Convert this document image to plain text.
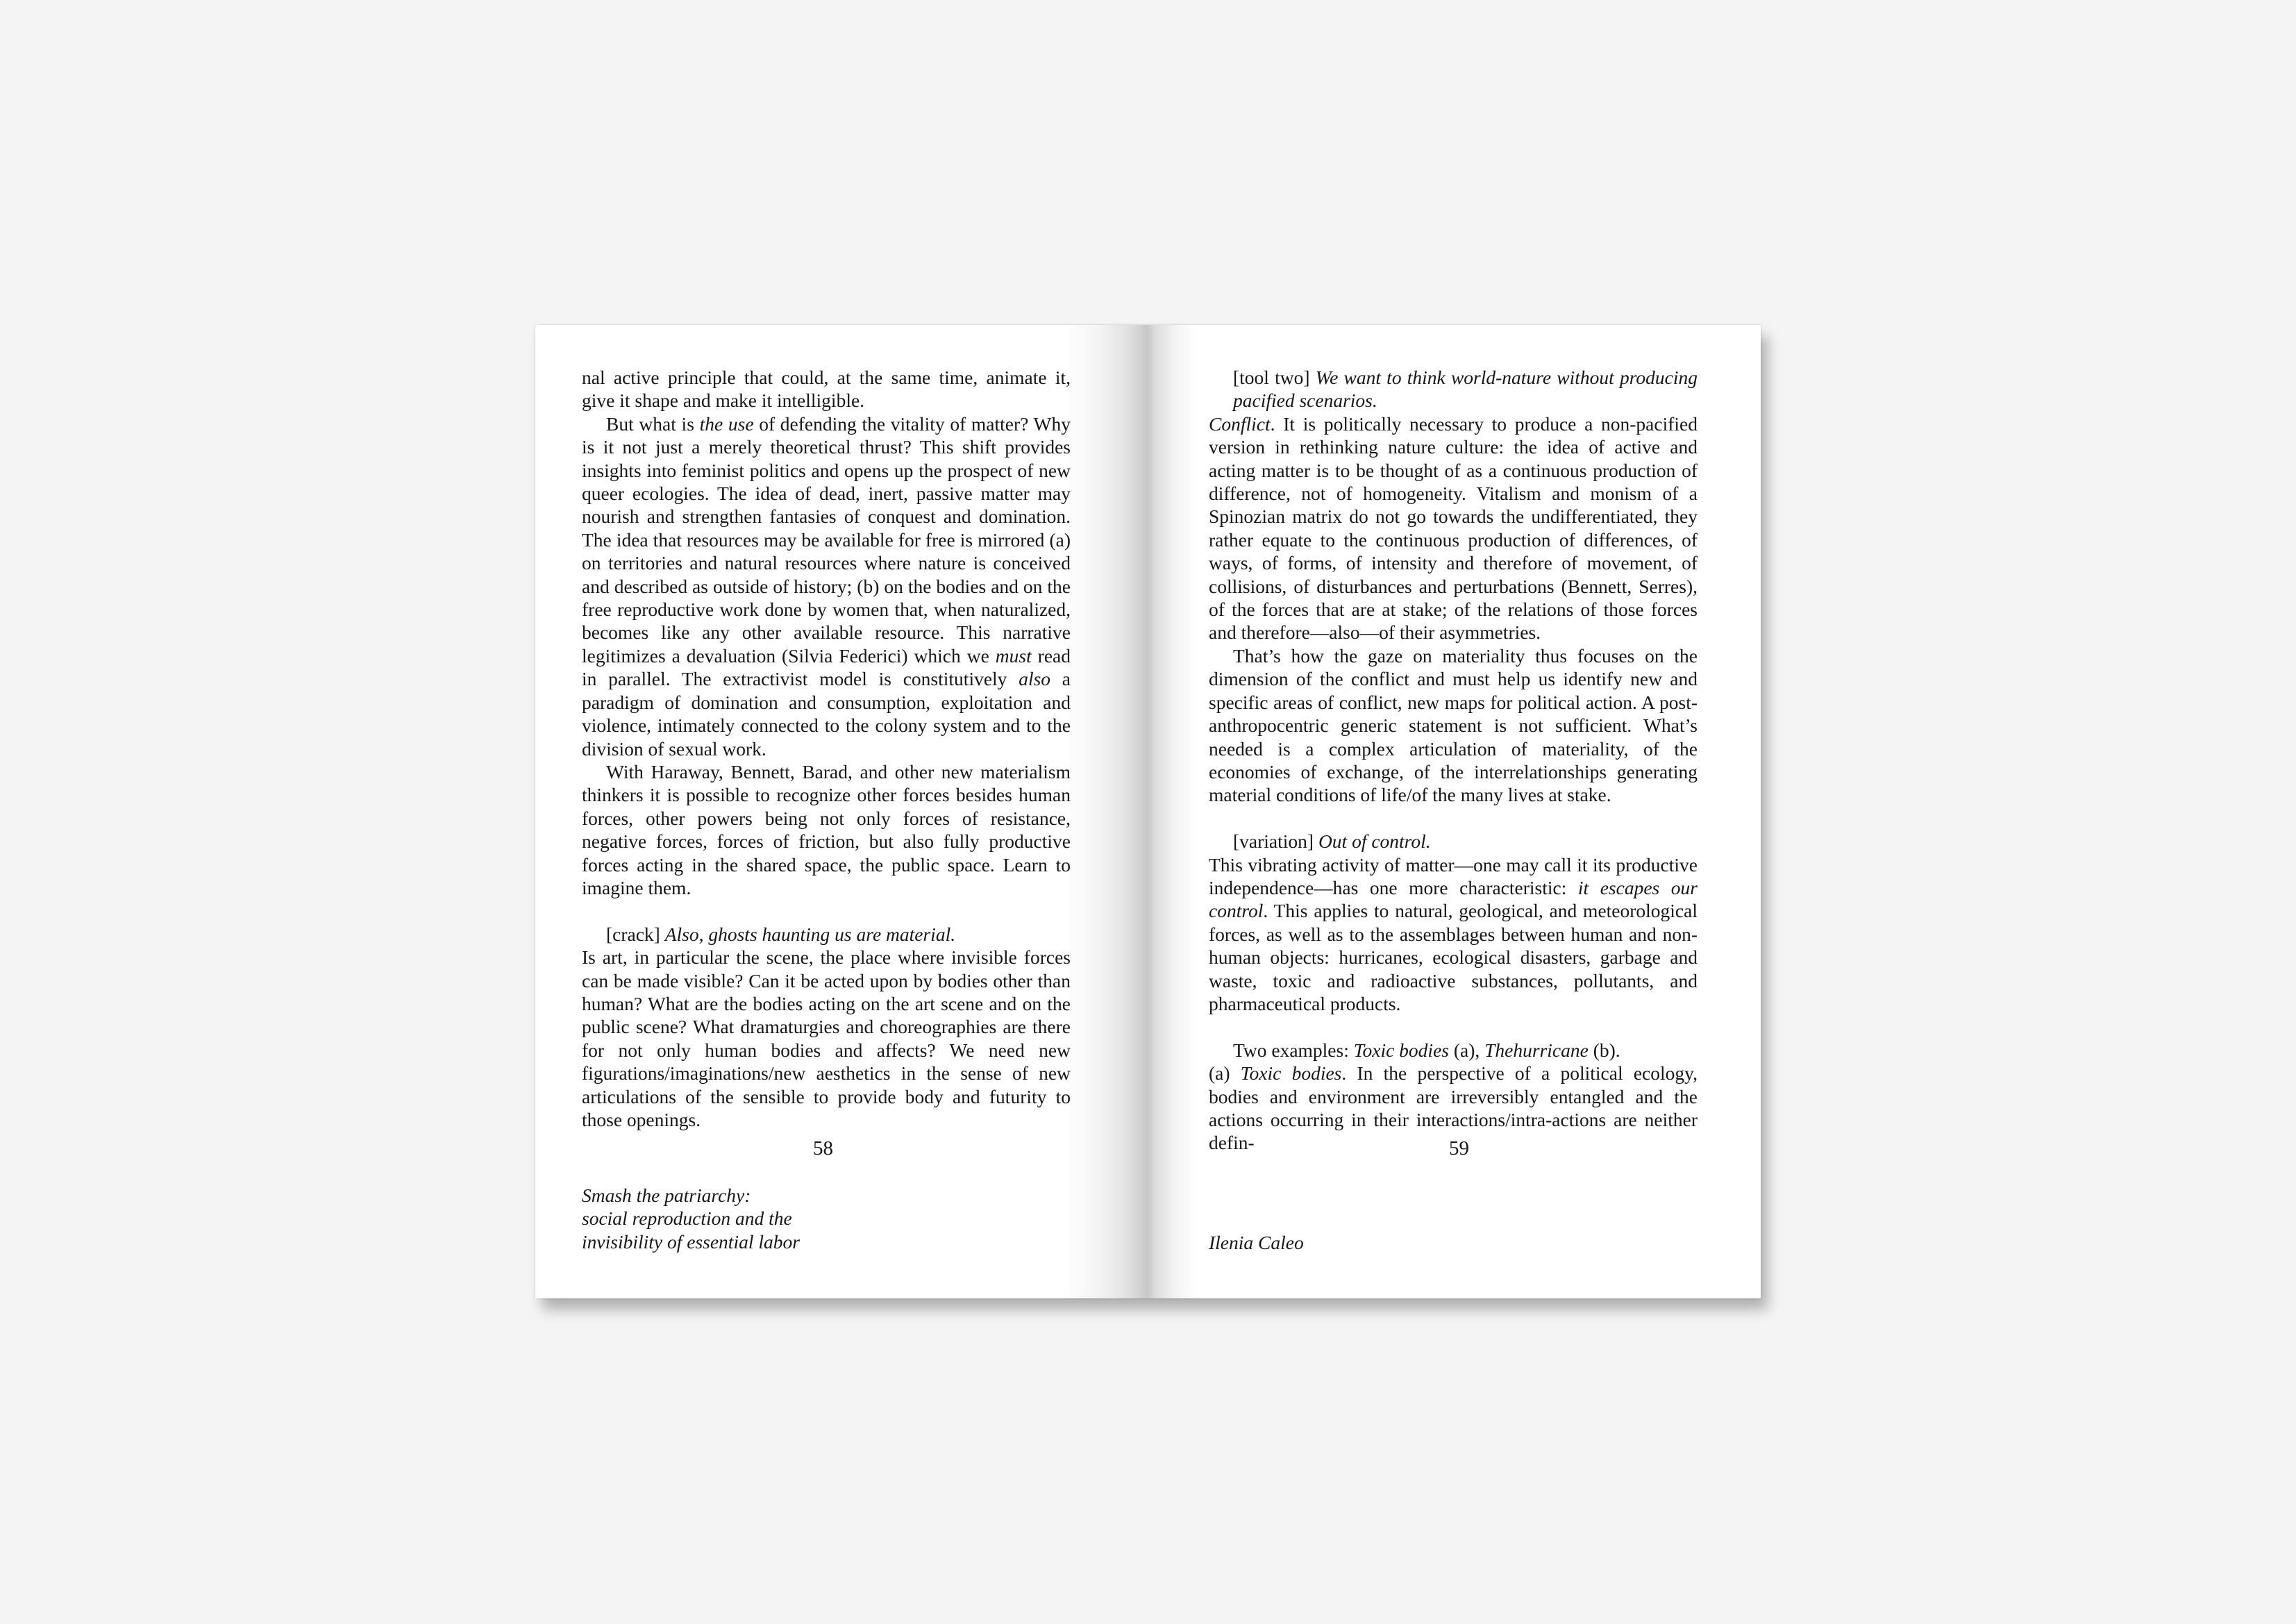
nal active principle that could, at the same time, animate it, give it shape and make it intelligible.

But what is the use of defending the vitality of matter? Why is it not just a merely theoretical thrust? This shift provides insights into feminist politics and opens up the prospect of new queer ecologies. The idea of dead, inert, passive matter may nourish and strengthen fantasies of conquest and domination. The idea that resources may be available for free is mirrored (a) on territories and natural resources where nature is conceived and described as outside of history; (b) on the bodies and on the free reproductive work done by women that, when naturalized, becomes like any other available resource. This narrative legitimizes a devaluation (Silvia Federici) which we must read in parallel. The extractivist model is constitutively also a paradigm of domination and consumption, exploitation and violence, intimately connected to the colony system and to the division of sexual work.

With Haraway, Bennett, Barad, and other new materialism thinkers it is possible to recognize other forces besides human forces, other powers being not only forces of resistance, negative forces, forces of friction, but also fully productive forces acting in the shared space, the public space. Learn to imagine them.

[crack] Also, ghosts haunting us are material.

Is art, in particular the scene, the place where invisible forces can be made visible? Can it be acted upon by bodies other than human? What are the bodies acting on the art scene and on the public scene? What dramaturgies and choreographies are there for not only human bodies and affects? We need new figurations/imaginations/new aesthetics in the sense of new articulations of the sensible to provide body and futurity to those openings.

58
Smash the patriarchy:
social reproduction and the
invisibility of essential labor

[tool two] We want to think world-nature without producing pacified scenarios.

Conflict. It is politically necessary to produce a non-pacified version in rethinking nature culture: the idea of active and acting matter is to be thought of as a continuous production of difference, not of homogeneity. Vitalism and monism of a Spinozian matrix do not go towards the undifferentiated, they rather equate to the continuous production of differences, of ways, of forms, of intensity and therefore of movement, of collisions, of disturbances and perturbations (Bennett, Serres), of the forces that are at stake; of the relations of those forces and therefore—also—of their asymmetries.

That’s how the gaze on materiality thus focuses on the dimension of the conflict and must help us identify new and specific areas of conflict, new maps for political action. A post-anthropocentric generic statement is not sufficient. What’s needed is a complex articulation of materiality, of the economies of exchange, of the interrelationships generating material conditions of life/of the many lives at stake.

[variation] Out of control.

This vibrating activity of matter—one may call it its productive independence—has one more characteristic: it escapes our control. This applies to natural, geological, and meteorological forces, as well as to the assemblages between human and non-human objects: hurricanes, ecological disasters, garbage and waste, toxic and radioactive substances, pollutants, and pharmaceutical products.

Two examples: Toxic bodies (a), Thehurricane (b).

(a) Toxic bodies. In the perspective of a political ecology, bodies and environment are irreversibly entangled and the actions occurring in their interactions/intra-actions are neither defin-	59
Ilenia Caleo
